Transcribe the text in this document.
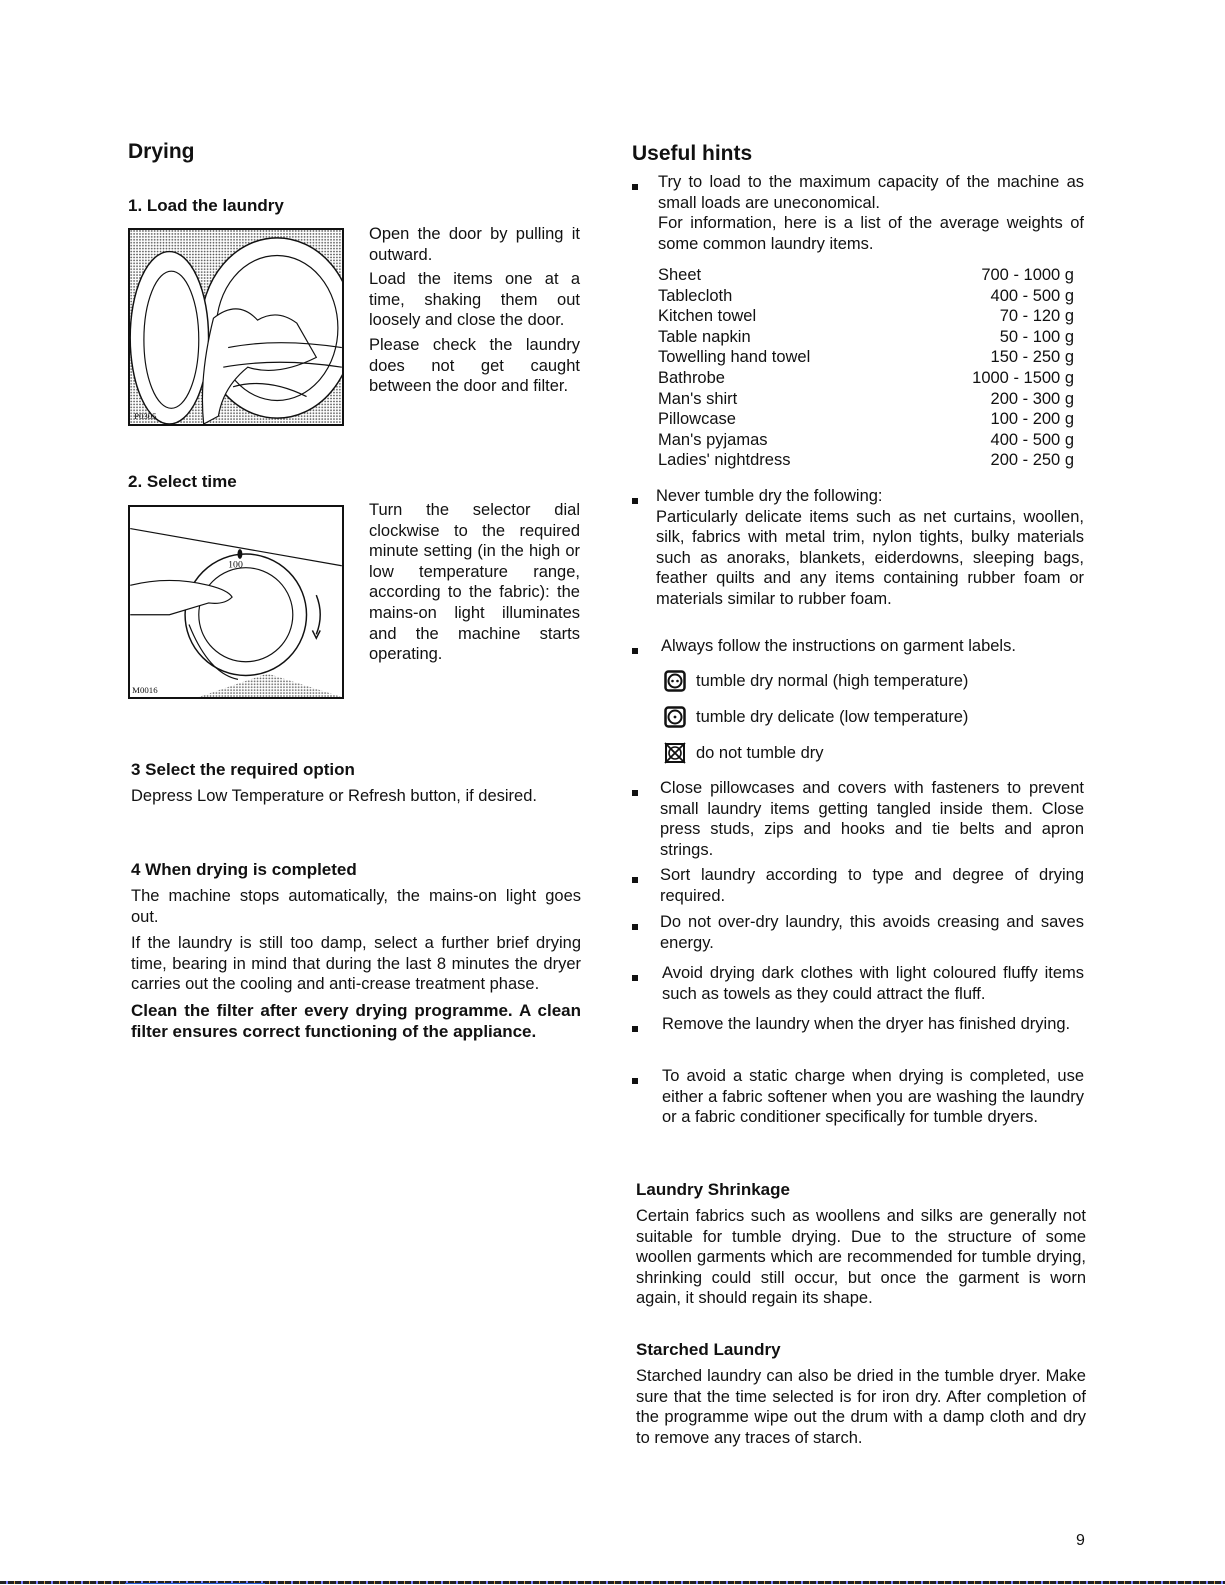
Drying
1. Load the laundry
P0305

Open the door by pulling it outward.

Load the items one at a time, shaking them out loosely and close the door.

Please check the laundry does not get caught between the door and filter.

2. Select time
100
M0016
Turn the selector dial clockwise to the required minute setting (in the high or low temperature range, according to the fabric): the mains-on light illuminates and the machine starts operating.
3 Select the required option
Depress Low Temperature or Refresh button, if desired.
4 When drying is completed

The machine stops automatically, the mains-on light goes out.

If the laundry is still too damp, select a further brief drying time, bearing in mind that during the last 8 minutes the dryer carries out the cooling and anti-crease treatment phase.

Clean the filter after every drying programme. A clean filter ensures correct functioning of the appliance.

Useful hints
Try to load to the maximum capacity of the machine as small loads are uneconomical.
For information, here is a list of the average weights of some common laundry items.
Sheet	700 - 1000 g
Tablecloth	400 - 500 g
Kitchen towel	70 - 120 g
Table napkin	50 - 100 g
Towelling hand towel	150 - 250 g
Bathrobe	1000 - 1500 g
Man's shirt	200 - 300 g
Pillowcase	100 - 200 g
Man's pyjamas	400 - 500 g
Ladies' nightdress	200 - 250 g
Never tumble dry the following:
Particularly delicate items such as net curtains, woollen, silk, fabrics with metal trim, nylon tights, bulky materials such as anoraks, blankets, eiderdowns, sleeping bags, feather quilts and any items containing rubber foam or materials similar to rubber foam.
Always follow the instructions on garment labels.
tumble dry normal (high temperature)
tumble dry delicate (low temperature)
do not tumble dry
Close pillowcases and covers with fasteners to prevent small laundry items getting tangled inside them. Close press studs, zips and hooks and tie belts and apron strings.
Sort laundry according to type and degree of drying required.
Do not over-dry laundry, this avoids creasing and saves energy.
Avoid drying dark clothes with light coloured fluffy items such as towels as they could attract the fluff.
Remove the laundry when the dryer has finished drying.
To avoid a static charge when drying is completed, use either a fabric softener when you are washing the laundry or a fabric conditioner specifically for tumble dryers.
Laundry Shrinkage
Certain fabrics such as woollens and silks are generally not suitable for tumble drying. Due to the structure of some woollen garments which are recommended for tumble drying, shrinking could still occur, but once the garment is worn again, it should regain its shape.
Starched Laundry
Starched laundry can also be dried in the tumble dryer. Make sure that the time selected is for iron dry. After completion of the programme wipe out the drum with a damp cloth and dry to remove any traces of starch.
9
